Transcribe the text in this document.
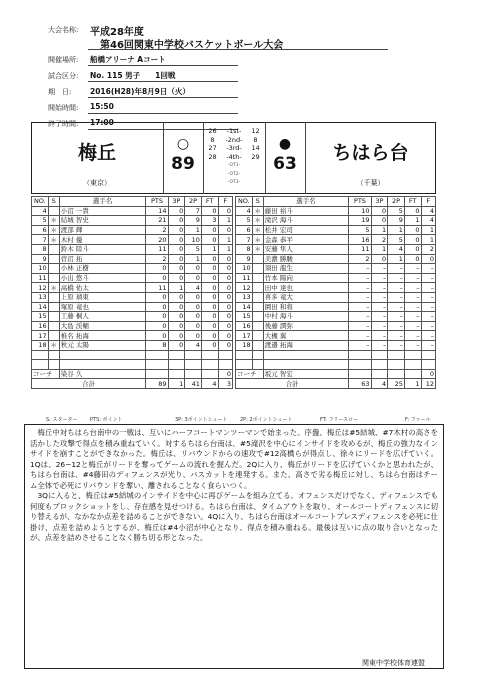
大会名称: 平成28年度
第46回関東中学校バスケットボール大会
開催場所: 船橋アリーナ Aコート
試合区分: No. 115 男子　　1回戦
期　日: 2016(H28)年8月9日（火）
開始時間: 15:50
終了時間: 17:00
梅丘
（東京）
○
89
●
63	ちはら台
（千葉）
26	-1st-	12
8	-2nd-	8
27	-3rd-	14
28	-4th-	29
-OT1-
-OT2-
-OT3-
NO.	S	選手名	PTS	3P	2P	FT	F
4		小沼 一貴	14	0	7	0	0
5	＊	結城 智史	21	0	9	3	1
6	＊	渡部 輝	2	0	1	0	0
7	＊	木村 優	20	0	10	0	1
8		鈴木 陸斗	11	0	5	1	1
9		菅沼 拓	2	0	1	0	0
10		小林 正樹	0	0	0	0	0
11		小出 悠斗	0	0	0	0	0
12	＊	高橋 佑太	11	1	4	0	0
13		上原 璃東	0	0	0	0	0
14		塚原 竜也	0	0	0	0	0
15		工藤 桐人	0	0	0	0	0
16		大島 渓輔	0	0	0	0	0
17		椎名 拓海	0	0	0	0	0
18	＊	秋元 太陽	8	0	4	0	0

コーチ		染谷 久					0
合計			89	1	41	4	3
NO.	S	選手名	PTS	3P	2P	FT	F
4	＊	藤田 裕斗	10	0	5	0	4
5	＊	滝沢 海斗	19	0	9	1	4
6	＊	松井 宏司	5	1	1	0	1
7	＊	金森 恭平	16	2	5	0	1
8	＊	安藤 隼人	11	1	4	0	2
9		美濃 勝駿	2	0	1	0	0
10		須田 龍生	–	–	–	–	–
11		竹本 陽向	–	–	–	–	–
12		田中 達也	–	–	–	–	–
13		喜多 竜大	–	–	–	–	–
14		園田 和将	–	–	–	–	–
15		中村 海斗	–	–	–	–	–
16		後藤 潤弥	–	–	–	–	–
17		大槻 翼	–	–	–	–	–
18		渡邉 拓海	–	–	–	–	–

コーチ		坂元 智宏					0
合計			63	4	25	1	12
S: スターター	PTS: ポイント	3P: 3ポイントシュート 2P: 2ポイントシュート	FT: フリースロー	F: ファール
　梅丘中対ちはら台南中の一戦は、互いにハーフコートマンツーマンで始まった。序盤、梅丘は#5結城、#7木村の高さを活かした攻撃で得点を積み重ねていく。対するちはら台南は、#5滝沢を中心にインサイドを攻めるが、梅丘の強力なインサイドを崩すことができなかった。梅丘は、リバウンドからの速攻で#12高橋らが得点し、徐々にリードを広げていく。1Qは、26−12と梅丘がリードを奪ってゲームの流れを握んだ。2Qに入り、梅丘がリードを広げていくかと思われたが、ちはら台南は、#4藤田のディフェンスが光り、バスカットを連発する。また、高さで劣る梅丘に対し、ちはら台南はチーム全体で必死にリバウンドを奪い、離されることなく食らいつく。
　3Qに入ると、梅丘は#5結城のインサイドを中心に再びゲームを組み立てる。オフェンスだけでなく、ディフェンスでも何度もブロックショットをし、存在感を見せつける。ちはら台南は、タイムアウトを取り、オールコートディフェンスに切り替えるが、なかなか点差を詰めることができない。4Qに入り、ちはら台南はオールコートプレスディフェンスを必死に仕掛け、点差を詰めようとするが、梅丘は#4小沼が中心となり、得点を積み重ねる。最後は互いに点の取り合いとなったが、点差を詰めさせることなく勝ち切る形となった。
関東中学校体育連盟
